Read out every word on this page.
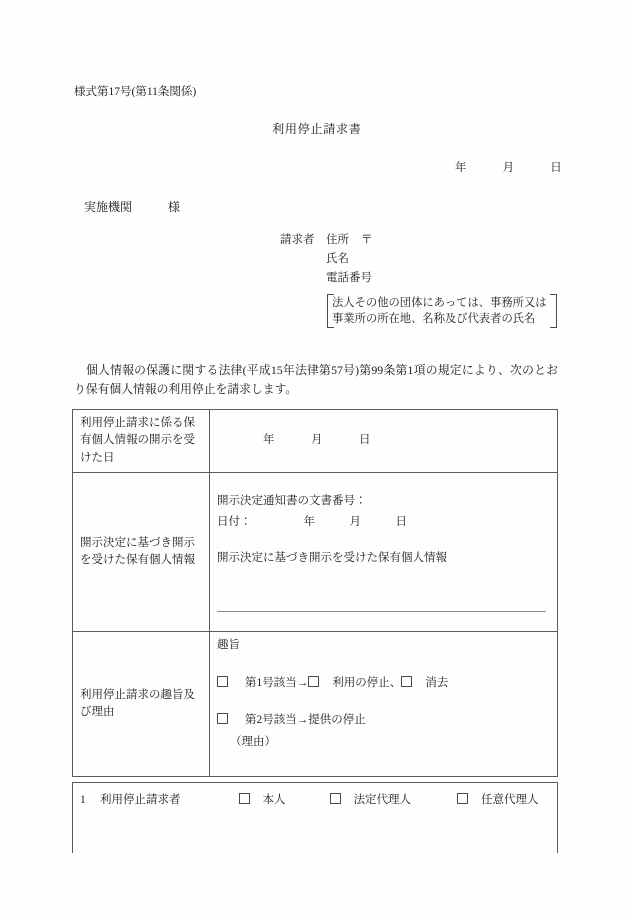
様式第17号(第11条関係)
利用停止請求書
年　　　月　　　日
実施機関　　　様
請求者	住所	〒
氏名
電話番号
法人その他の団体にあっては、事務所又は
事業所の所在地、名称及び代表者の氏名
個人情報の保護に関する法律(平成15年法律第57号)第99条第1項の規定により、次のとおり保有個人情報の利用停止を請求します。
利用停止請求に係る保有個人情報の開示を受けた日	年　　　月　　　日
開示決定に基づき開示を受けた保有個人情報	開示決定通知書の文書番号：
日付： 年　　　月　　　日
開示決定に基づき開示を受けた保有個人情報

利用停止請求の趣旨及び理由	趣旨
第1号該当→ 利用の停止、 消去
第2号該当→提供の停止
（理由）
1 利用停止請求者	本人	法定代理人	任意代理人
